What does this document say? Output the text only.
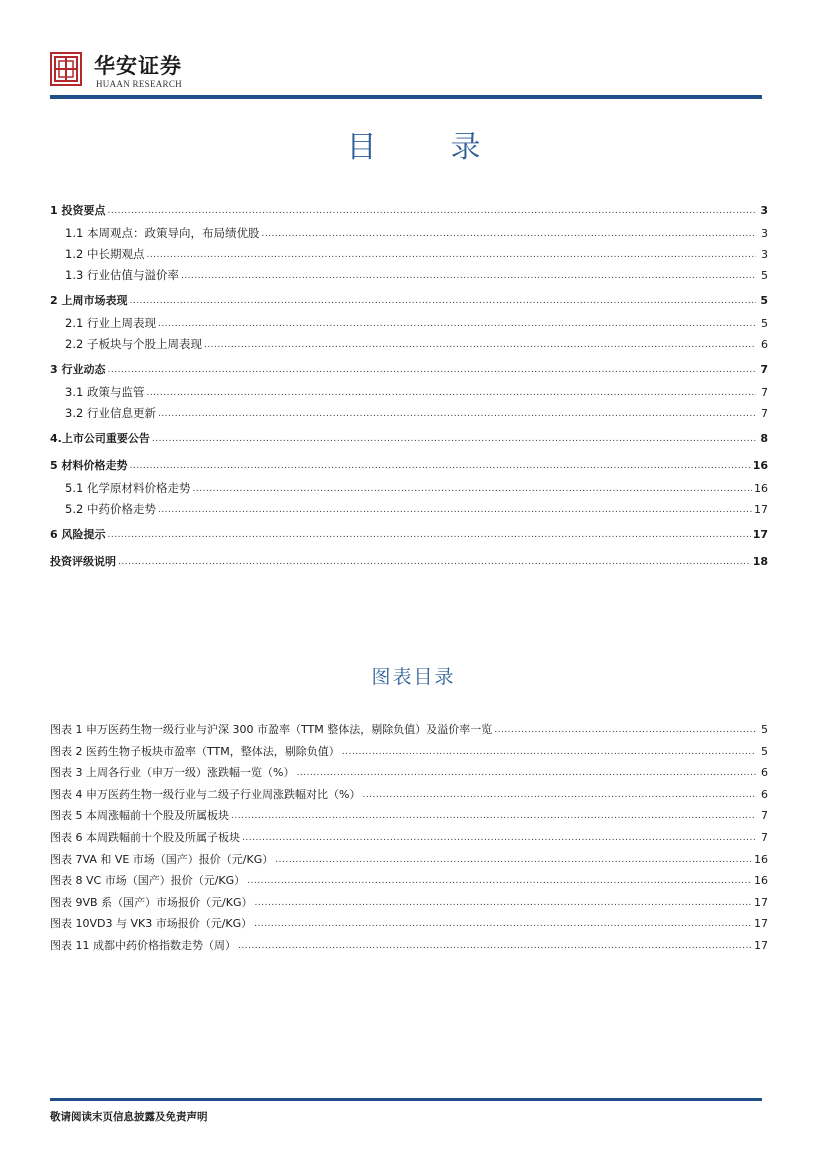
华安证券
HUAAN RESEARCH
目　录
1 投资要点 .....	3
1.1 本周观点：政策导向，布局绩优股 .....	3
1.2 中长期观点 .....	3
1.3 行业估值与溢价率 .....	5
2 上周市场表现 .....	5
2.1 行业上周表现 .....	5
2.2 子板块与个股上周表现 .....	6
3 行业动态 .....	7
3.1 政策与监管 .....	7
3.2 行业信息更新 .....	7
4.上市公司重要公告 .....	8
5 材料价格走势 .....	16
5.1 化学原材料价格走势 .....	16
5.2 中药价格走势 .....	17
6 风险提示 .....	17
投资评级说明 .....	18
图表目录
图表 1 申万医药生物一级行业与沪深 300 市盈率（TTM 整体法，剔除负值）及溢价率一览 .....	5
图表 2 医药生物子板块市盈率（TTM，整体法，剔除负值） .....	5
图表 3 上周各行业（申万一级）涨跌幅一览（%） .....	6
图表 4 申万医药生物一级行业与二级子行业周涨跌幅对比（%） .....	6
图表 5 本周涨幅前十个股及所属板块 .....	7
图表 6 本周跌幅前十个股及所属子板块 .....	7
图表 7VA 和 VE 市场（国产）报价（元/KG） .....	16
图表 8 VC 市场（国产）报价（元/KG） .....	16
图表 9VB 系（国产）市场报价（元/KG） .....	17
图表 10VD3 与 VK3 市场报价（元/KG） .....	17
图表 11 成都中药价格指数走势（周） .....	17
敬请阅读末页信息披露及免责声明
